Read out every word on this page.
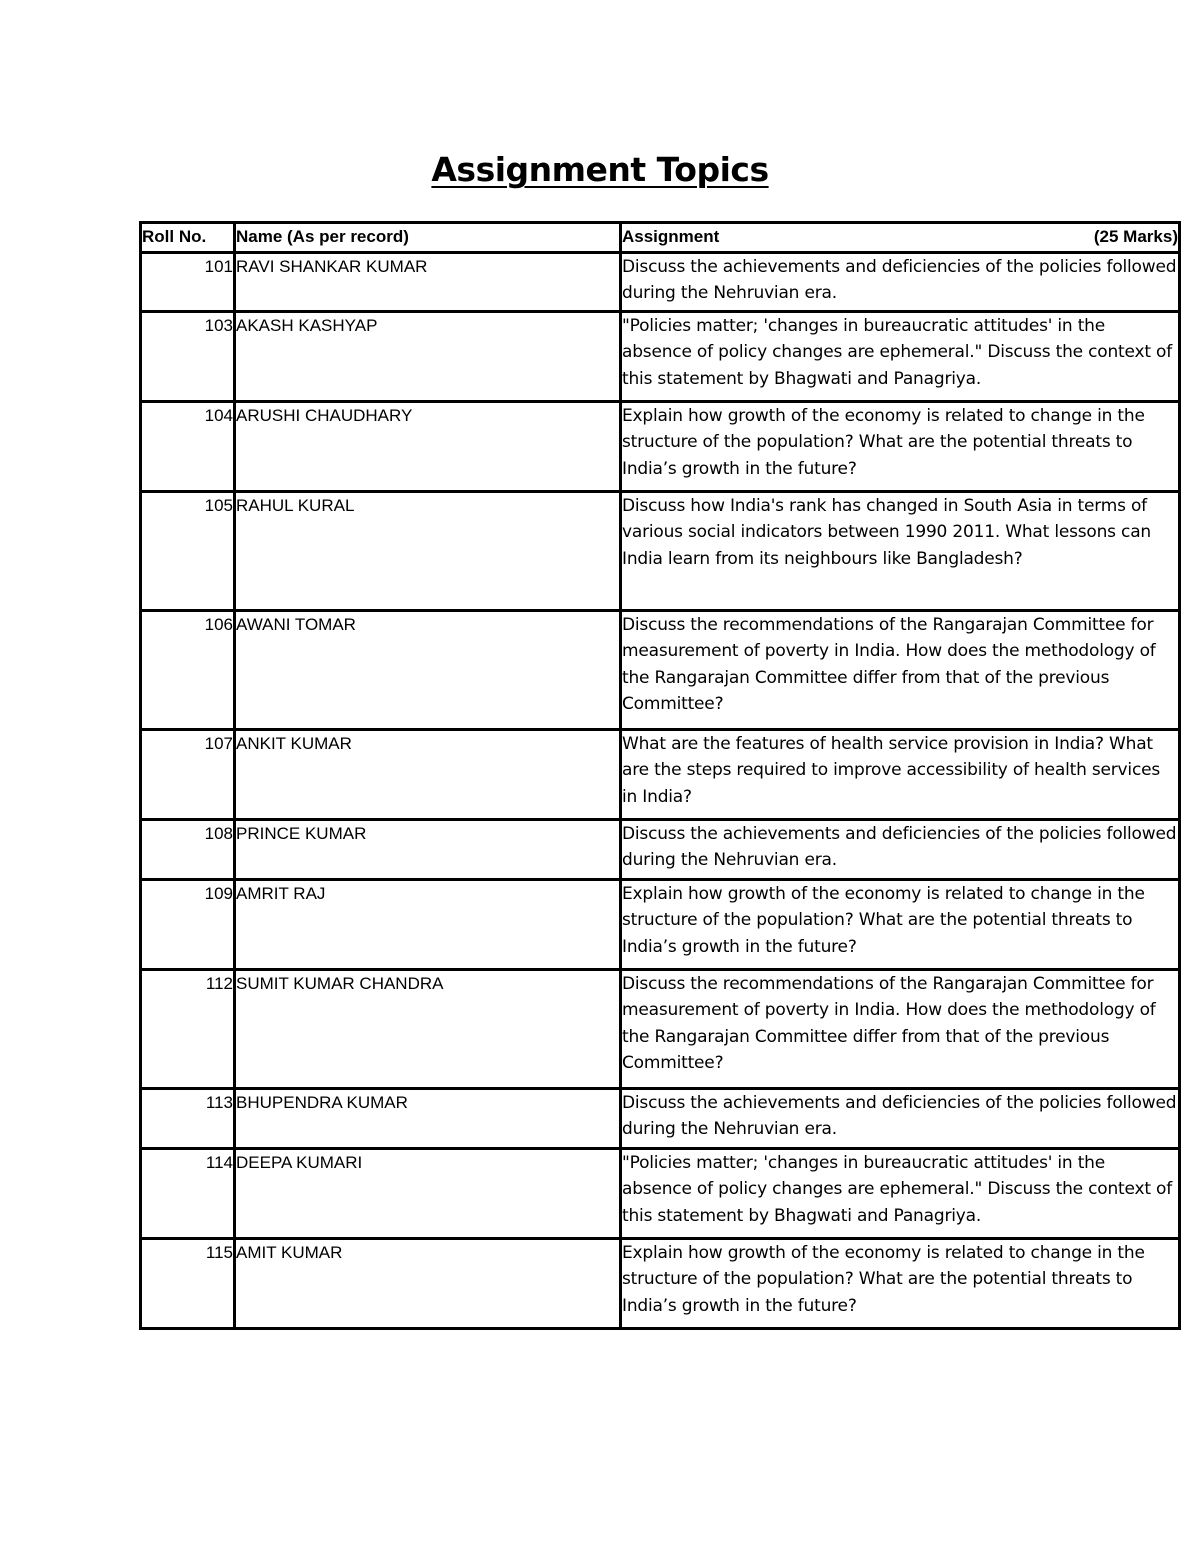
Assignment Topics
Roll No.	Name (As per record)	Assignment (25 Marks)

101	RAVI SHANKAR KUMAR	Discuss the achievements and deficiencies of the policies followed during the Nehruvian era.
103	AKASH KASHYAP	"Policies matter; 'changes in bureaucratic attitudes' in the absence of policy changes are ephemeral." Discuss the context of this statement by Bhagwati and Panagriya.
104	ARUSHI CHAUDHARY	Explain how growth of the economy is related to change in the structure of the population? What are the potential threats to India’s growth in the future?
105	RAHUL KURAL	Discuss how India's rank has changed in South Asia in terms of various social indicators between 1990 2011. What lessons can India learn from its neighbours like Bangladesh?
106	AWANI TOMAR	Discuss the recommendations of the Rangarajan Committee for measurement of poverty in India. How does the methodology of the Rangarajan Committee differ from that of the previous Committee?
107	ANKIT KUMAR	What are the features of health service provision in India? What are the steps required to improve accessibility of health services in India?
108	PRINCE KUMAR	Discuss the achievements and deficiencies of the policies followed during the Nehruvian era.
109	AMRIT RAJ	Explain how growth of the economy is related to change in the structure of the population? What are the potential threats to India’s growth in the future?
112	SUMIT KUMAR CHANDRA	Discuss the recommendations of the Rangarajan Committee for measurement of poverty in India. How does the methodology of the Rangarajan Committee differ from that of the previous Committee?
113	BHUPENDRA KUMAR	Discuss the achievements and deficiencies of the policies followed during the Nehruvian era.
114	DEEPA KUMARI	"Policies matter; 'changes in bureaucratic attitudes' in the absence of policy changes are ephemeral." Discuss the context of this statement by Bhagwati and Panagriya.
115	AMIT KUMAR	Explain how growth of the economy is related to change in the structure of the population? What are the potential threats to India’s growth in the future?
